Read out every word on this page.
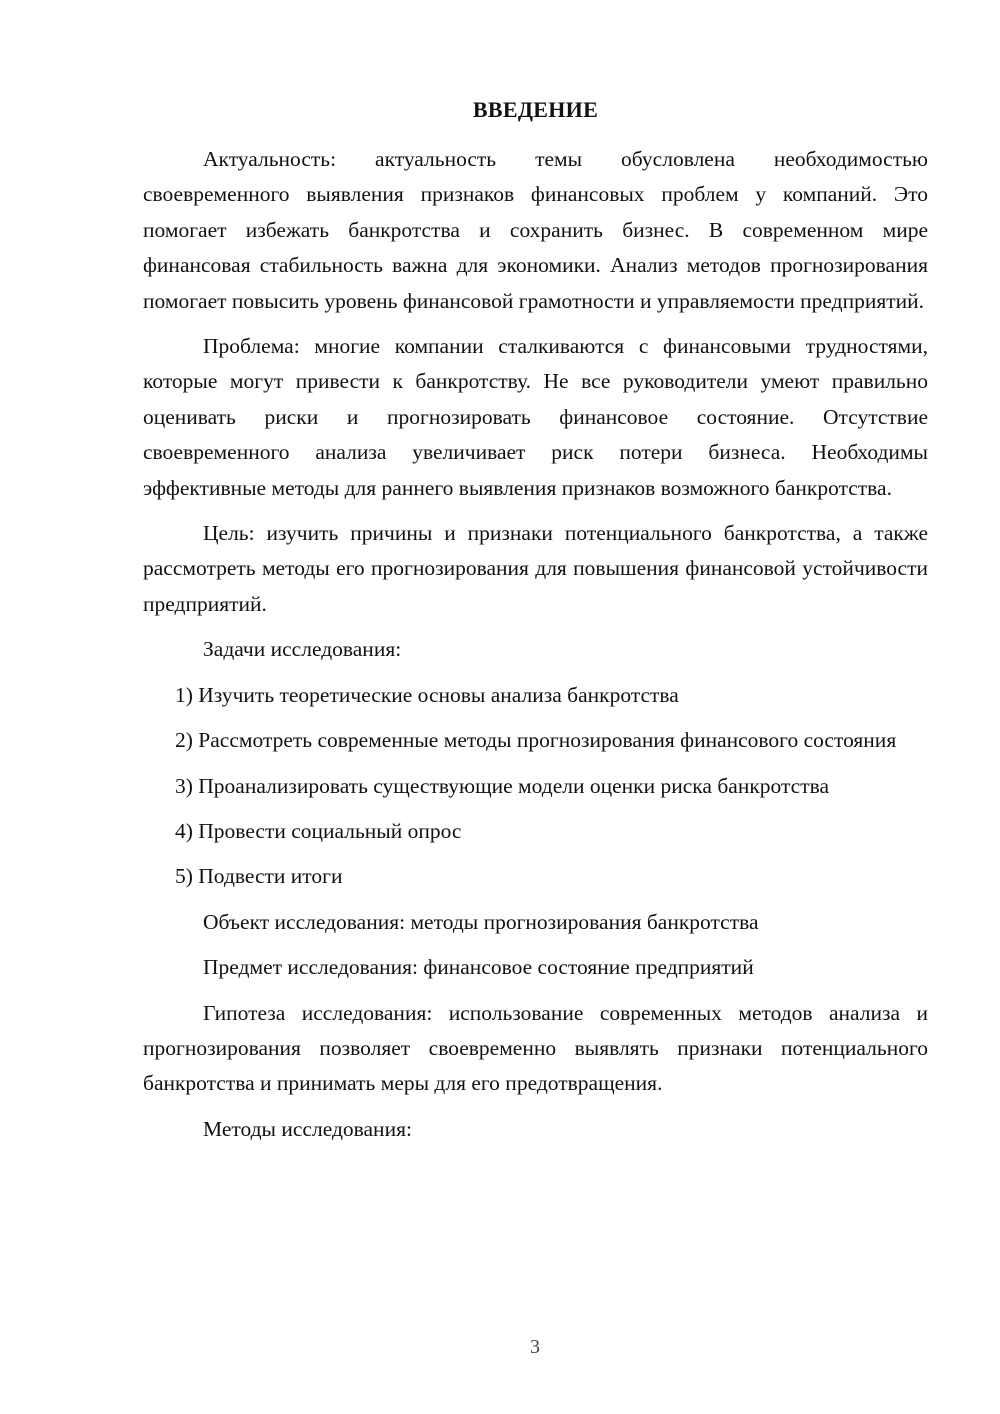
ВВЕДЕНИЕ

Актуальность: актуальность темы обусловлена необходимостью своевременного выявления признаков финансовых проблем у компаний. Это помогает избежать банкротства и сохранить бизнес. В современном мире финансовая стабильность важна для экономики. Анализ методов прогнозирования помогает повысить уровень финансовой грамотности и управляемости предприятий.

Проблема: многие компании сталкиваются с финансовыми трудностями, которые могут привести к банкротству. Не все руководители умеют правильно оценивать риски и прогнозировать финансовое состояние. Отсутствие своевременного анализа увеличивает риск потери бизнеса. Необходимы эффективные методы для раннего выявления признаков возможного банкротства.

Цель: изучить причины и признаки потенциального банкротства, а также рассмотреть методы его прогнозирования для повышения финансовой устойчивости предприятий.

Задачи исследования:

1) Изучить теоретические основы анализа банкротства

2) Рассмотреть современные методы прогнозирования финансового состояния

3) Проанализировать существующие модели оценки риска банкротства

4) Провести социальный опрос

5) Подвести итоги

Объект исследования: методы прогнозирования банкротства

Предмет исследования: финансовое состояние предприятий

Гипотеза исследования: использование современных методов анализа и прогнозирования позволяет своевременно выявлять признаки потенциального банкротства и принимать меры для его предотвращения.

Методы исследования:

3
